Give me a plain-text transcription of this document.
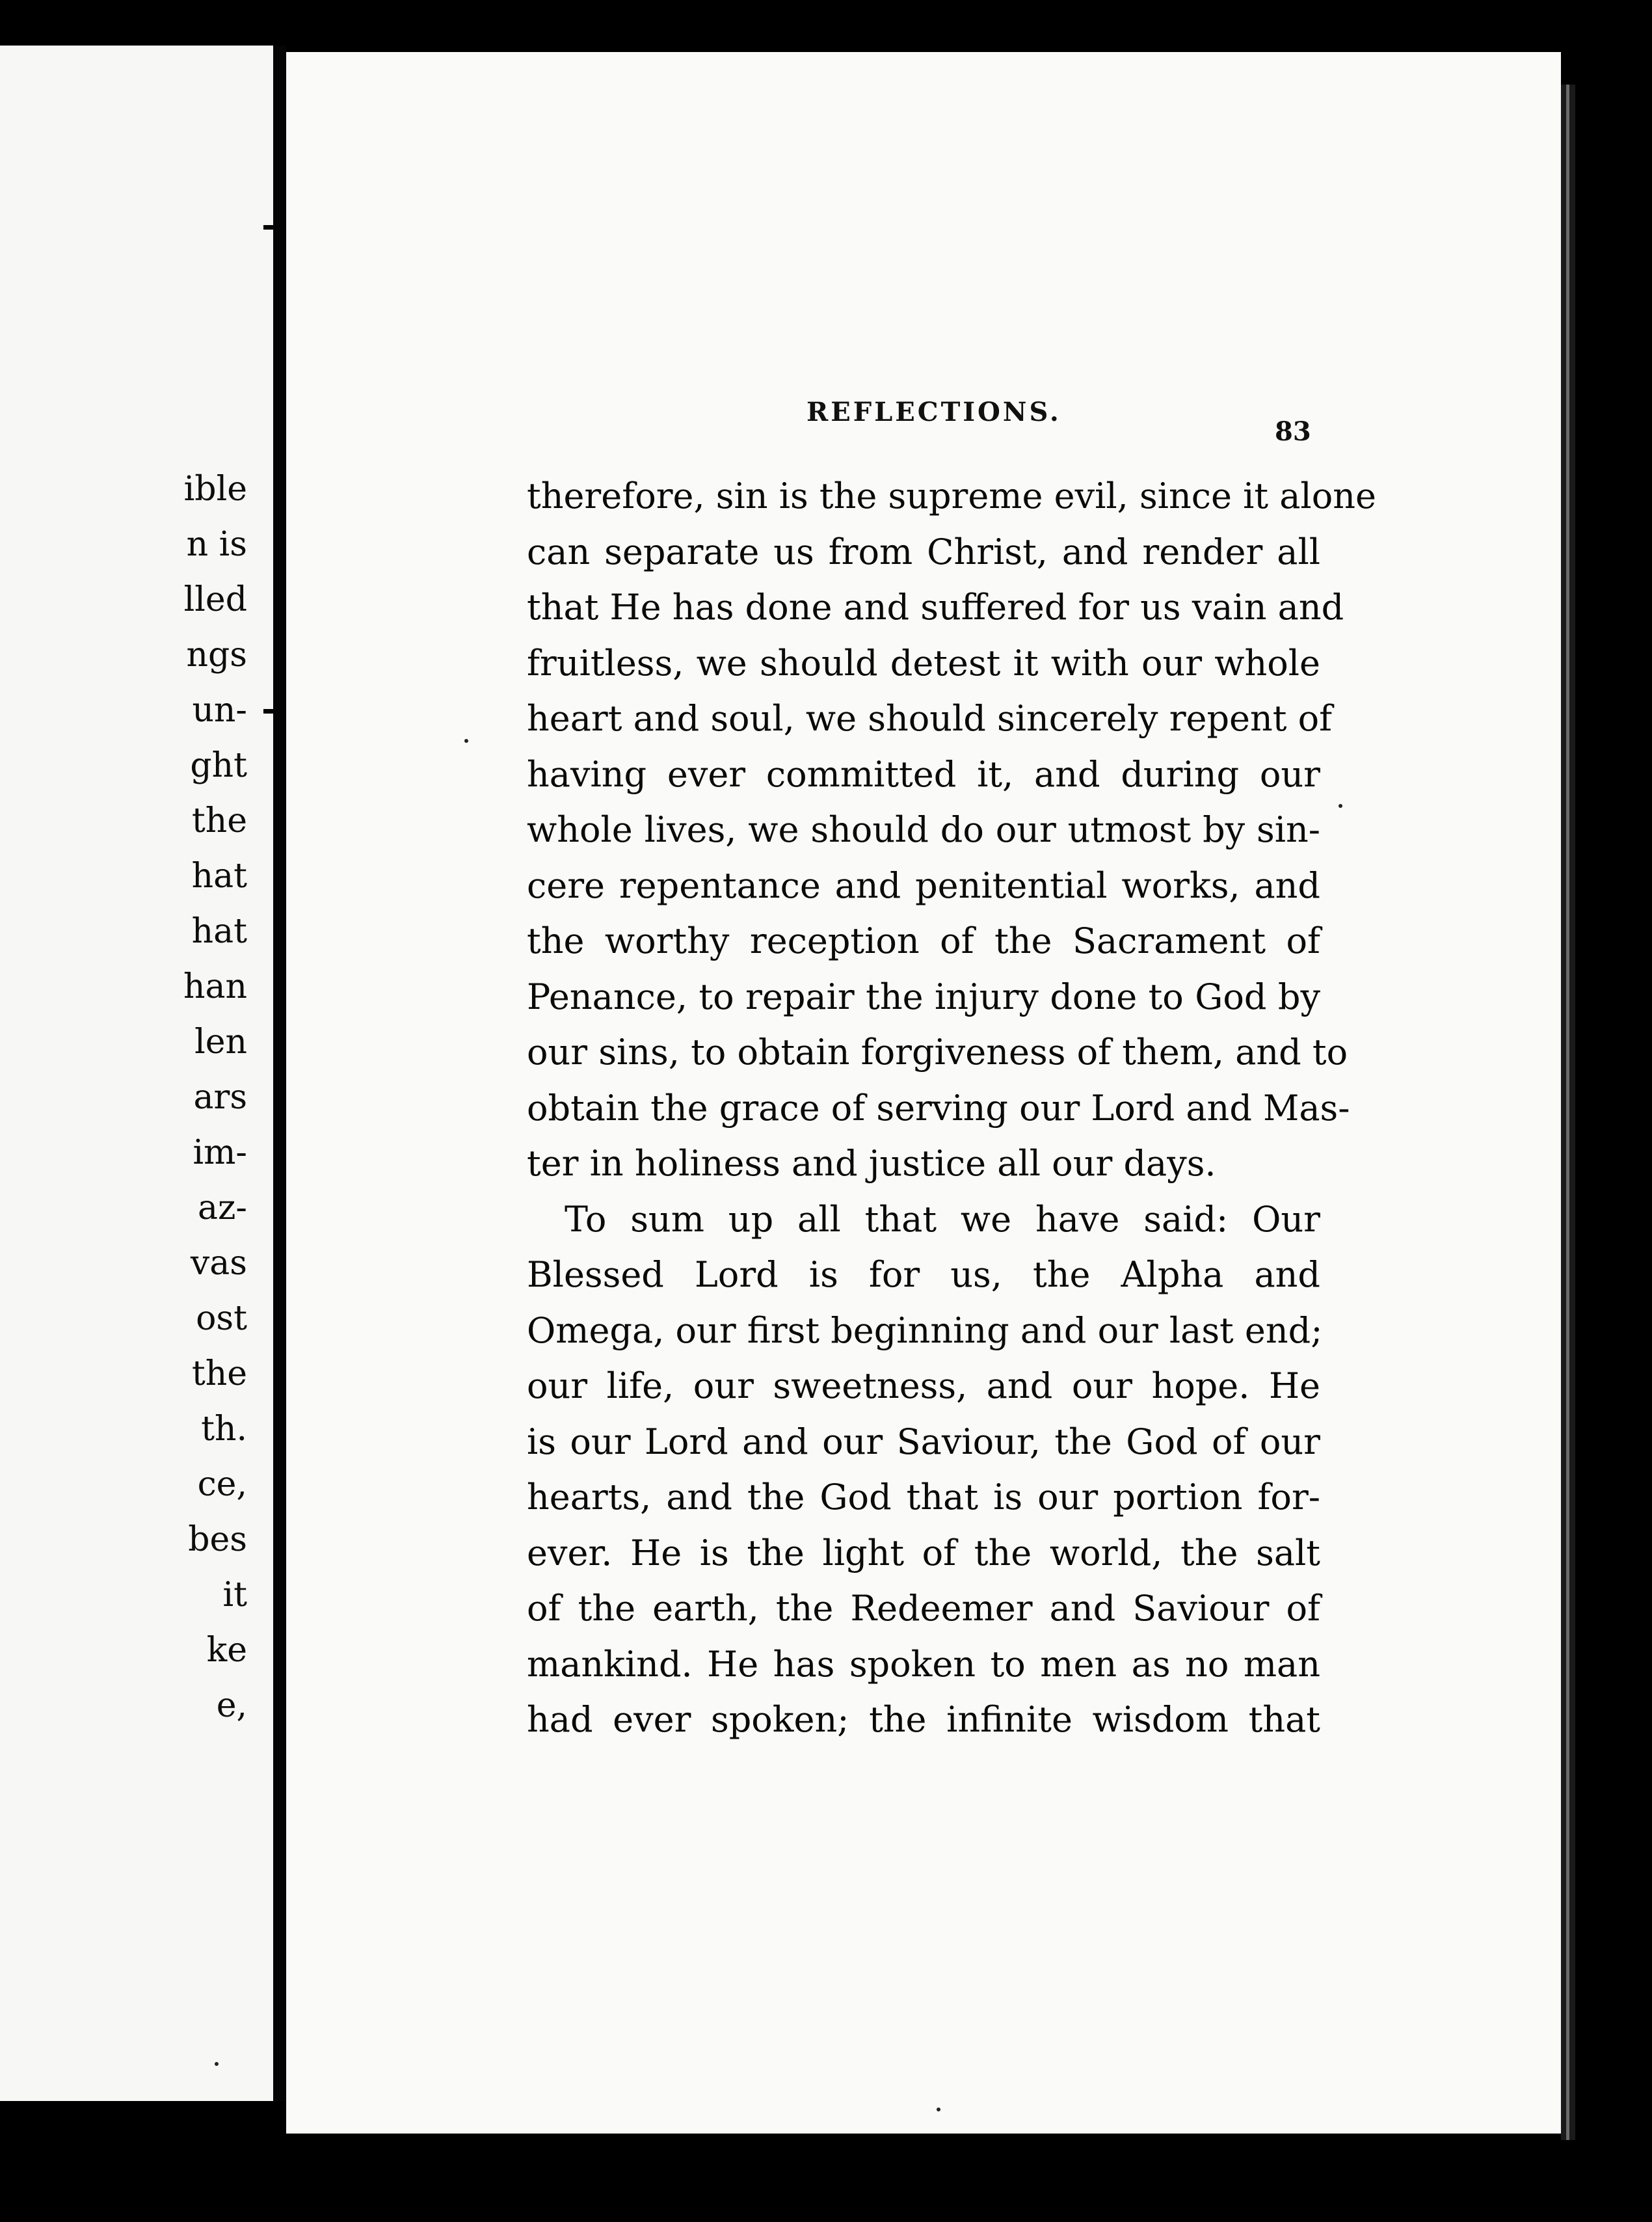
ible
n is
lled
ngs
un-
ght
the
hat
hat
han
len
ars
im-
az-
vas
ost
the
th.
ce,
bes
it
ke
e,
REFLECTIONS.
83
therefore, sin is the supreme evil, since it alone
can separate us from Christ, and render all
that He has done and suffered for us vain and
fruitless, we should detest it with our whole
heart and soul, we should sincerely repent of
having ever committed it, and during our
whole lives, we should do our utmost by sin-
cere repentance and penitential works, and
the worthy reception of the Sacrament of
Penance, to repair the injury done to God by
our sins, to obtain forgiveness of them, and to
obtain the grace of serving our Lord and Mas-
ter in holiness and justice all our days.
To sum up all that we have said: Our
Blessed Lord is for us, the Alpha and
Omega, our first beginning and our last end;
our life, our sweetness, and our hope. He
is our Lord and our Saviour, the God of our
hearts, and the God that is our portion for-
ever. He is the light of the world, the salt
of the earth, the Redeemer and Saviour of
mankind. He has spoken to men as no man
had ever spoken; the infinite wisdom that
